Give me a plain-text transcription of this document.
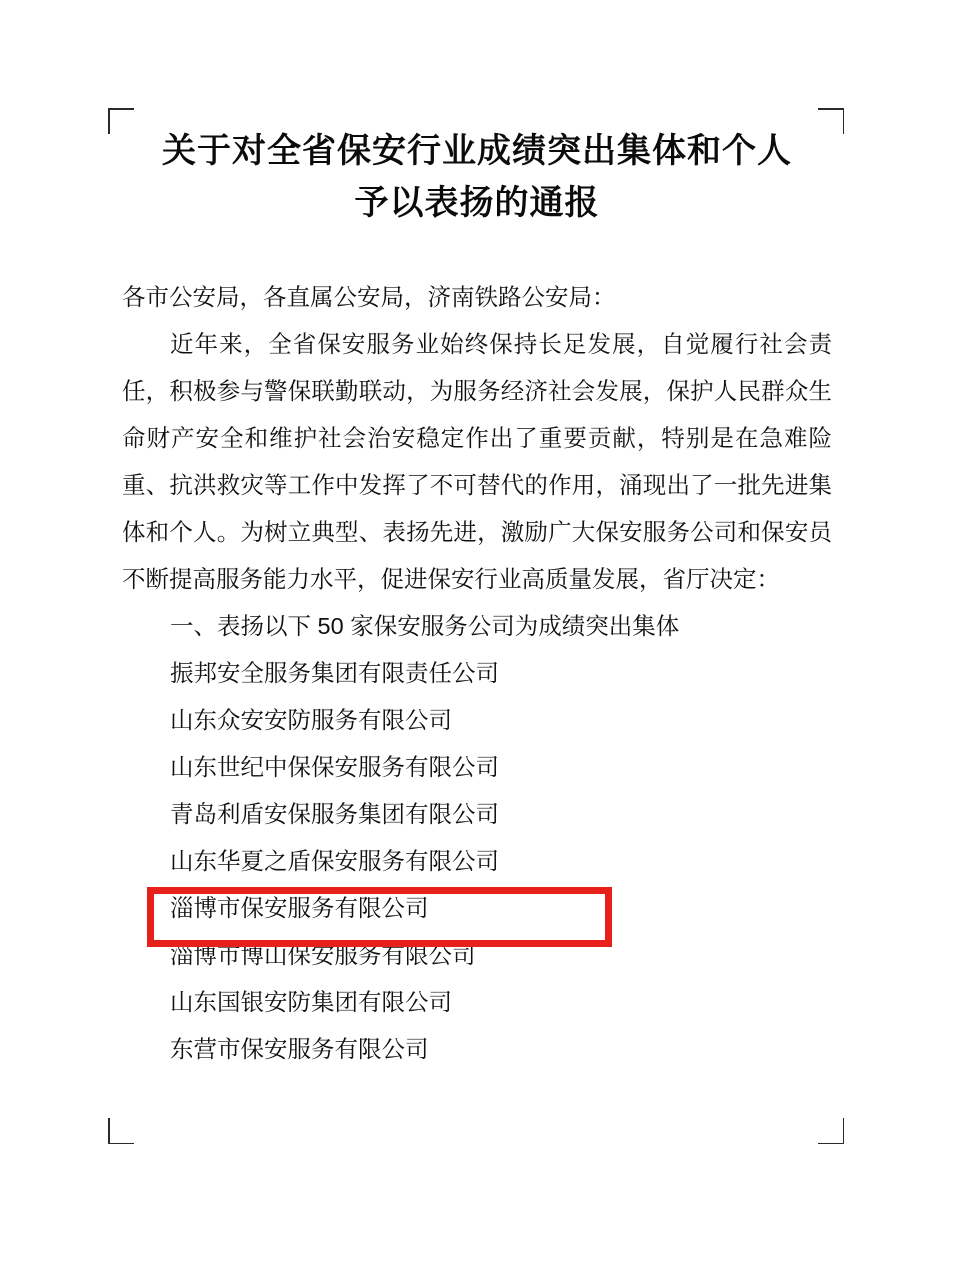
关于对全省保安行业成绩突出集体和个人
予以表扬的通报

各市公安局，各直属公安局，济南铁路公安局：

近年来，全省保安服务业始终保持长足发展，自觉履行社会责任，积极参与警保联勤联动，为服务经济社会发展，保护人民群众生命财产安全和维护社会治安稳定作出了重要贡献，特别是在急难险重、抗洪救灾等工作中发挥了不可替代的作用，涌现出了一批先进集体和个人。为树立典型、表扬先进，激励广大保安服务公司和保安员不断提高服务能力水平，促进保安行业高质量发展，省厅决定：

一、表扬以下 50 家保安服务公司为成绩突出集体

振邦安全服务集团有限责任公司
山东众安安防服务有限公司
山东世纪中保保安服务有限公司
青岛利盾安保服务集团有限公司
山东华夏之盾保安服务有限公司
淄博市保安服务有限公司
淄博市博山保安服务有限公司
山东国银安防集团有限公司
东营市保安服务有限公司
